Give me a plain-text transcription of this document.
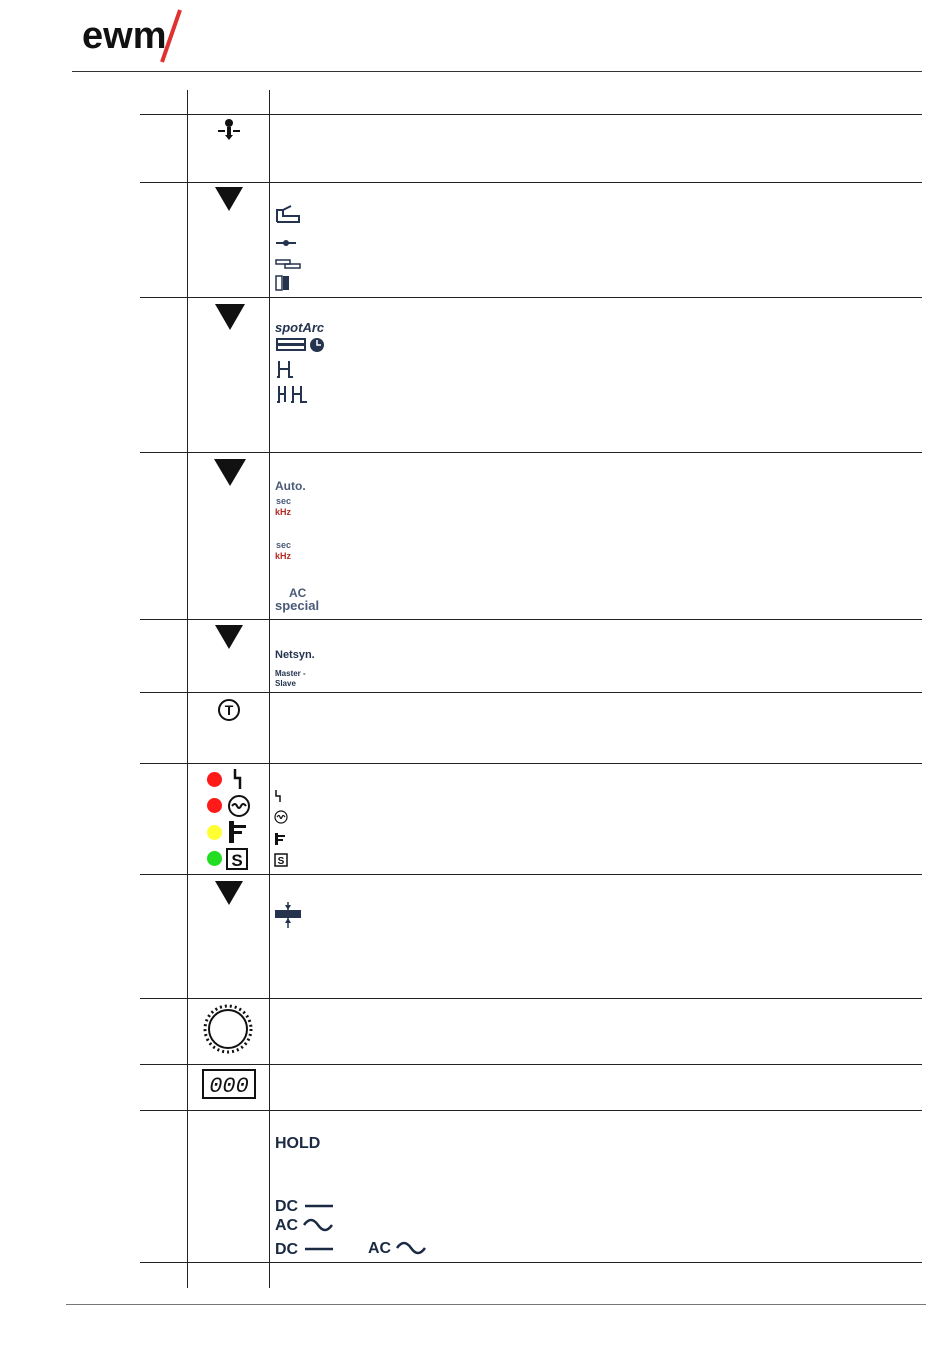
ewm
spotArc
Auto.
sec
kHz
sec
kHz
AC
special
Netsyn.
Master -
Slave
T
S	S
000
HOLD
DC
AC
DC	AC
